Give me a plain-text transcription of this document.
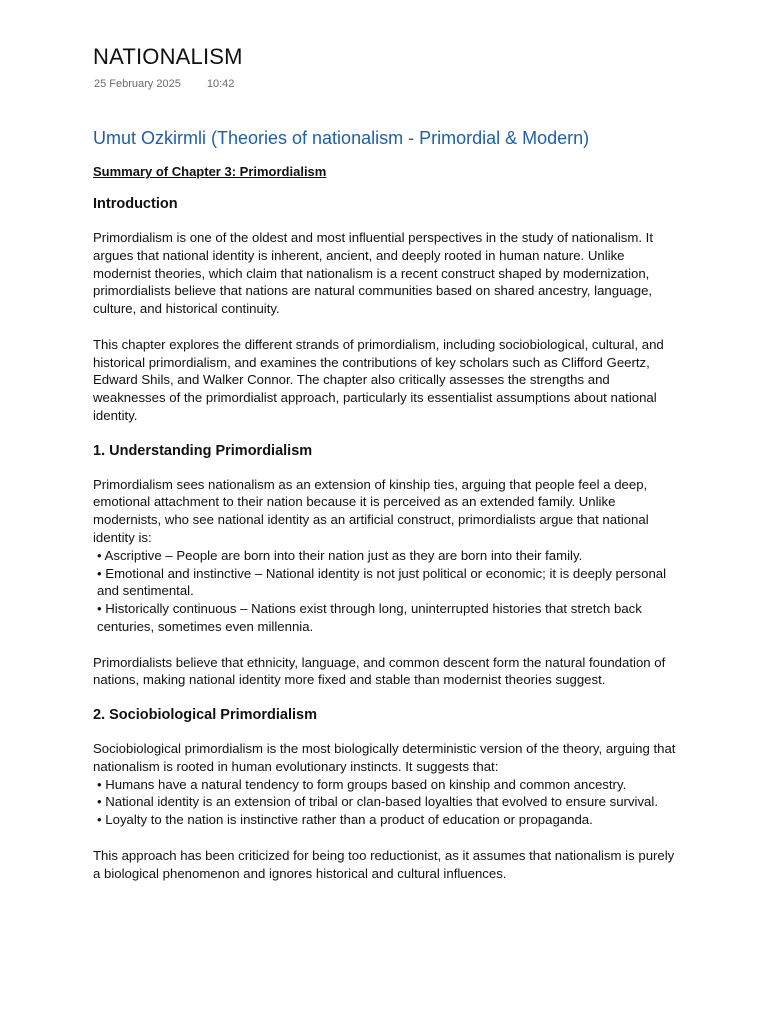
NATIONALISM
25 February 2025 10:42
Umut Ozkirmli (Theories of nationalism - Primordial & Modern)
Summary of Chapter 3: Primordialism
Introduction

Primordialism is one of the oldest and most influential perspectives in the study of nationalism. It argues that national identity is inherent, ancient, and deeply rooted in human nature. Unlike modernist theories, which claim that nationalism is a recent construct shaped by modernization, primordialists believe that nations are natural communities based on shared ancestry, language, culture, and historical continuity.

This chapter explores the different strands of primordialism, including sociobiological, cultural, and historical primordialism, and examines the contributions of key scholars such as Clifford Geertz, Edward Shils, and Walker Connor. The chapter also critically assesses the strengths and weaknesses of the primordialist approach, particularly its essentialist assumptions about national identity.

1. Understanding Primordialism
Primordialism sees nationalism as an extension of kinship ties, arguing that people feel a deep, emotional attachment to their nation because it is perceived as an extended family. Unlike modernists, who see national identity as an artificial construct, primordialists argue that national identity is:
• Ascriptive – People are born into their nation just as they are born into their family.
• Emotional and instinctive – National identity is not just political or economic; it is deeply personal and sentimental.
• Historically continuous – Nations exist through long, uninterrupted histories that stretch back centuries, sometimes even millennia.

Primordialists believe that ethnicity, language, and common descent form the natural foundation of nations, making national identity more fixed and stable than modernist theories suggest.

2. Sociobiological Primordialism
Sociobiological primordialism is the most biologically deterministic version of the theory, arguing that nationalism is rooted in human evolutionary instincts. It suggests that:
• Humans have a natural tendency to form groups based on kinship and common ancestry.
• National identity is an extension of tribal or clan-based loyalties that evolved to ensure survival.
• Loyalty to the nation is instinctive rather than a product of education or propaganda.

This approach has been criticized for being too reductionist, as it assumes that nationalism is purely a biological phenomenon and ignores historical and cultural influences.
